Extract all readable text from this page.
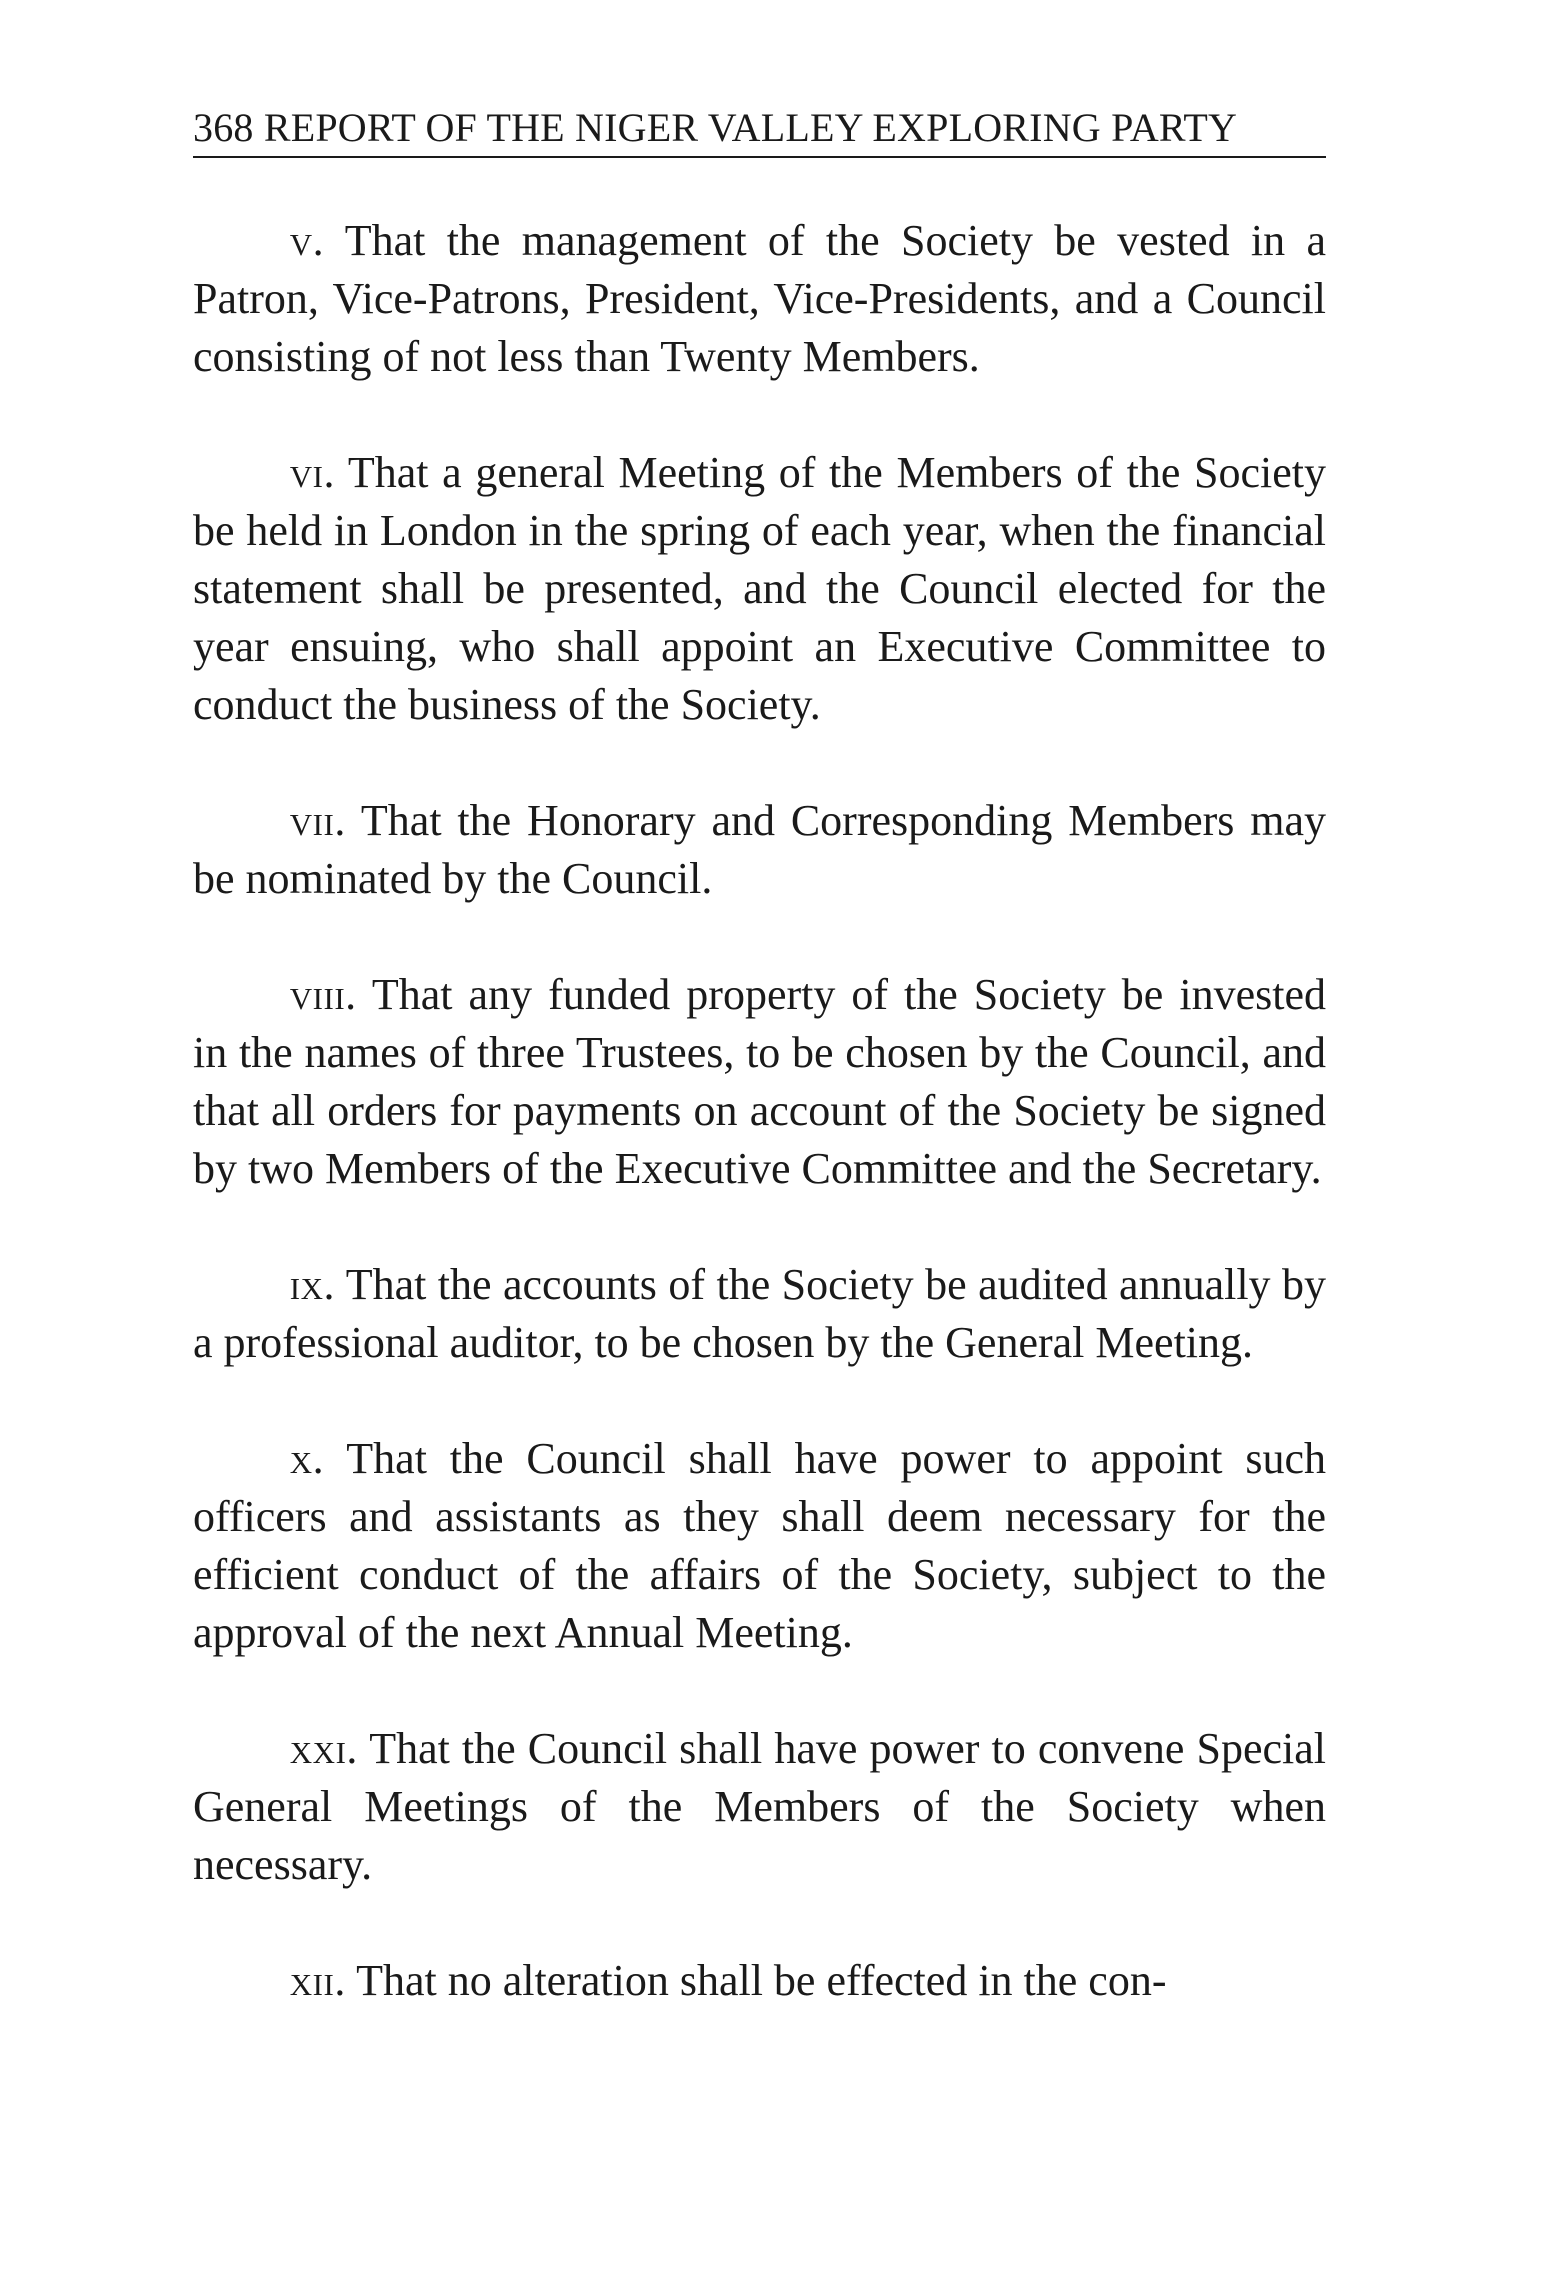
368 REPORT OF THE NIGER VALLEY EXPLORING PARTY

v. That the management of the Society be vested in a Patron, Vice-Patrons, President, Vice-Presidents, and a Council consisting of not less than Twenty Members.

vi. That a general Meeting of the Members of the Society be held in London in the spring of each year, when the financial statement shall be presented, and the Council elected for the year ensuing, who shall appoint an Executive Committee to conduct the business of the Society.

vii. That the Honorary and Corresponding Members may be nominated by the Council.

viii. That any funded property of the Society be invested in the names of three Trustees, to be chosen by the Council, and that all orders for payments on account of the Society be signed by two Members of the Executive Committee and the Secretary.

ix. That the accounts of the Society be audited annually by a professional auditor, to be chosen by the General Meeting.

x. That the Council shall have power to appoint such officers and assistants as they shall deem necessary for the efficient conduct of the affairs of the Society, subject to the approval of the next Annual Meeting.

xxi. That the Council shall have power to convene Special General Meetings of the Members of the Society when necessary.

xii. That no alteration shall be effected in the con-
